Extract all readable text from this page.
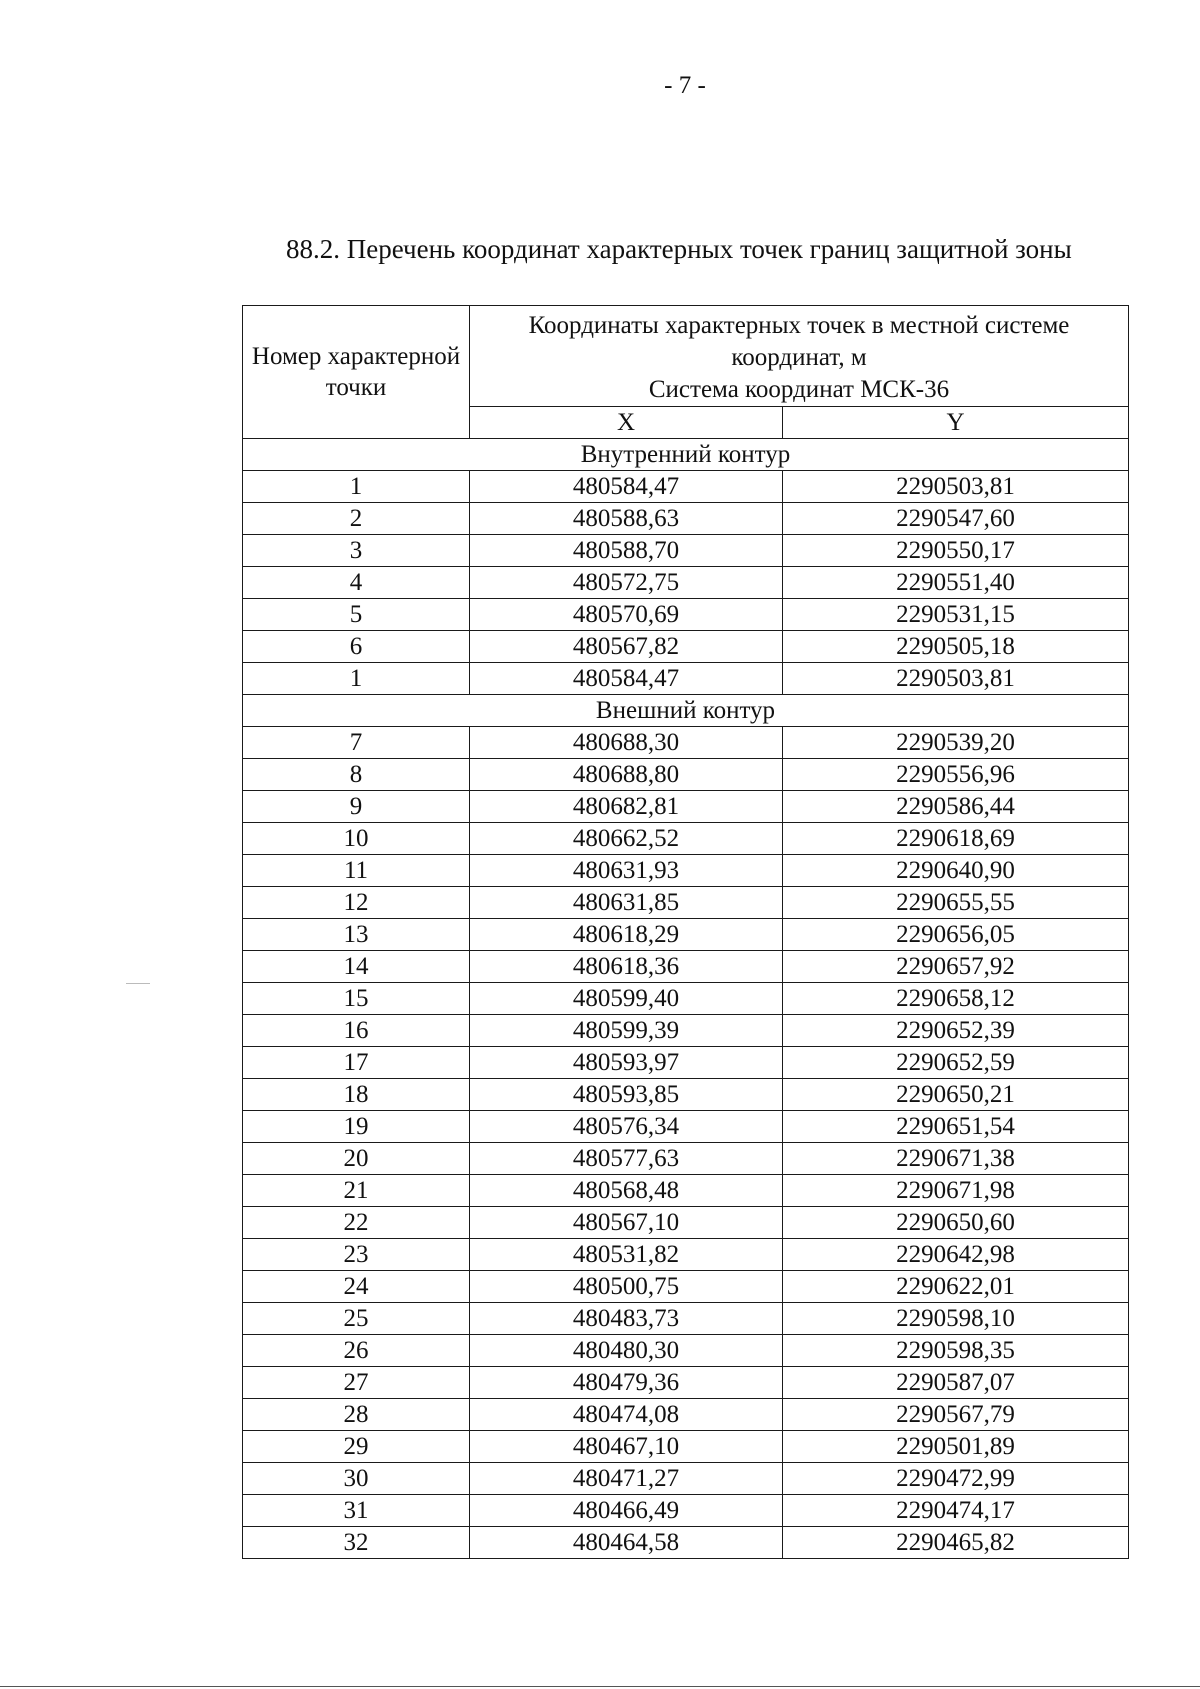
- 7 -
88.2. Перечень координат характерных точек границ защитной зоны
Номер характерной точки	Координаты характерных точек в местной системе
координат, м
Система координат МСК-36	

	X	Y
Внутренний контур		
1	480584,47	2290503,81
2	480588,63	2290547,60
3	480588,70	2290550,17
4	480572,75	2290551,40
5	480570,69	2290531,15
6	480567,82	2290505,18
1	480584,47	2290503,81
Внешний контур		
7	480688,30	2290539,20
8	480688,80	2290556,96
9	480682,81	2290586,44
10	480662,52	2290618,69
11	480631,93	2290640,90
12	480631,85	2290655,55
13	480618,29	2290656,05
14	480618,36	2290657,92
15	480599,40	2290658,12
16	480599,39	2290652,39
17	480593,97	2290652,59
18	480593,85	2290650,21
19	480576,34	2290651,54
20	480577,63	2290671,38
21	480568,48	2290671,98
22	480567,10	2290650,60
23	480531,82	2290642,98
24	480500,75	2290622,01
25	480483,73	2290598,10
26	480480,30	2290598,35
27	480479,36	2290587,07
28	480474,08	2290567,79
29	480467,10	2290501,89
30	480471,27	2290472,99
31	480466,49	2290474,17
32	480464,58	2290465,82
